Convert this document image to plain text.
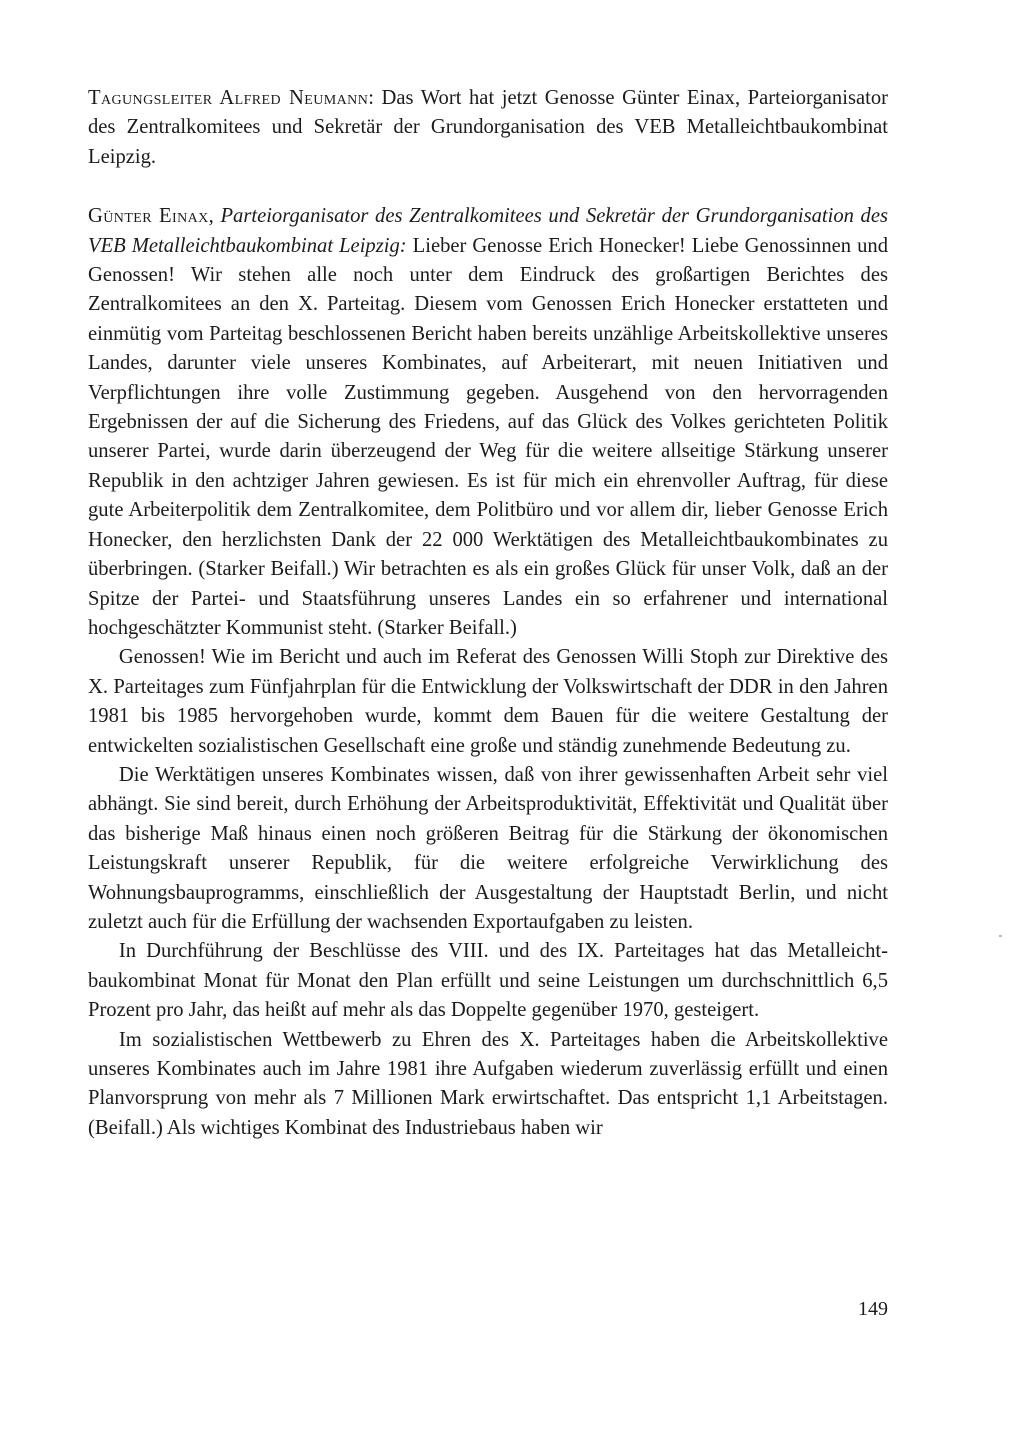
Tagungsleiter Alfred Neumann: Das Wort hat jetzt Genosse Günter Einax, Parteiorganisator des Zentralkomitees und Sekretär der Grundorganisation des VEB Metalleichtbaukombinat Leipzig.

Günter Einax, Parteiorganisator des Zentralkomitees und Sekretär der Grundorganisation des VEB Metalleichtbaukombinat Leipzig: Lieber Genosse Erich Honecker! Liebe Genossinnen und Genossen! Wir stehen alle noch unter dem Eindruck des großartigen Berichtes des Zentralkomitees an den X. Parteitag. Diesem vom Genossen Erich Honecker erstatteten und einmütig vom Parteitag beschlossenen Bericht haben bereits unzählige Arbeitskollektive unseres Landes, darunter viele unseres Kombinates, auf Arbeiterart, mit neuen Initiativen und Verpflichtungen ihre volle Zustimmung gegeben. Ausgehend von den hervorragenden Ergebnissen der auf die Sicherung des Friedens, auf das Glück des Volkes gerichteten Politik unserer Partei, wurde darin überzeugend der Weg für die weitere allseitige Stärkung unserer Republik in den achtziger Jahren gewiesen. Es ist für mich ein ehrenvoller Auftrag, für diese gute Arbeiterpolitik dem Zentralkomitee, dem Politbüro und vor allem dir, lieber Genosse Erich Honecker, den herzlichsten Dank der 22 000 Werktätigen des Metalleichtbaukombinates zu überbringen. (Starker Beifall.) Wir betrachten es als ein großes Glück für unser Volk, daß an der Spitze der Partei- und Staatsführung unseres Landes ein so erfahrener und international hochgeschätzter Kommunist steht. (Starker Beifall.)

Genossen! Wie im Bericht und auch im Referat des Genossen Willi Stoph zur Direktive des X. Parteitages zum Fünfjahrplan für die Entwicklung der Volkswirtschaft der DDR in den Jahren 1981 bis 1985 hervorgehoben wurde, kommt dem Bauen für die weitere Gestaltung der entwickelten sozialistischen Gesellschaft eine große und ständig zunehmende Bedeutung zu.

Die Werktätigen unseres Kombinates wissen, daß von ihrer gewissenhaften Arbeit sehr viel abhängt. Sie sind bereit, durch Erhöhung der Arbeitsproduktivität, Effektivität und Qualität über das bisherige Maß hinaus einen noch größeren Beitrag für die Stärkung der ökonomischen Leistungskraft unserer Republik, für die weitere erfolgreiche Verwirklichung des Wohnungsbauprogramms, einschließlich der Ausgestaltung der Hauptstadt Berlin, und nicht zuletzt auch für die Erfüllung der wachsenden Exportaufgaben zu leisten.

In Durchführung der Beschlüsse des VIII. und des IX. Parteitages hat das Metalleichtbaukombinat Monat für Monat den Plan erfüllt und seine Leistungen um durchschnittlich 6,5 Prozent pro Jahr, das heißt auf mehr als das Doppelte gegenüber 1970, gesteigert.

Im sozialistischen Wettbewerb zu Ehren des X. Parteitages haben die Arbeitskollektive unseres Kombinates auch im Jahre 1981 ihre Aufgaben wiederum zuverlässig erfüllt und einen Planvorsprung von mehr als 7 Millionen Mark erwirtschaftet. Das entspricht 1,1 Arbeitstagen. (Beifall.) Als wichtiges Kombinat des Industriebaus haben wir

149
